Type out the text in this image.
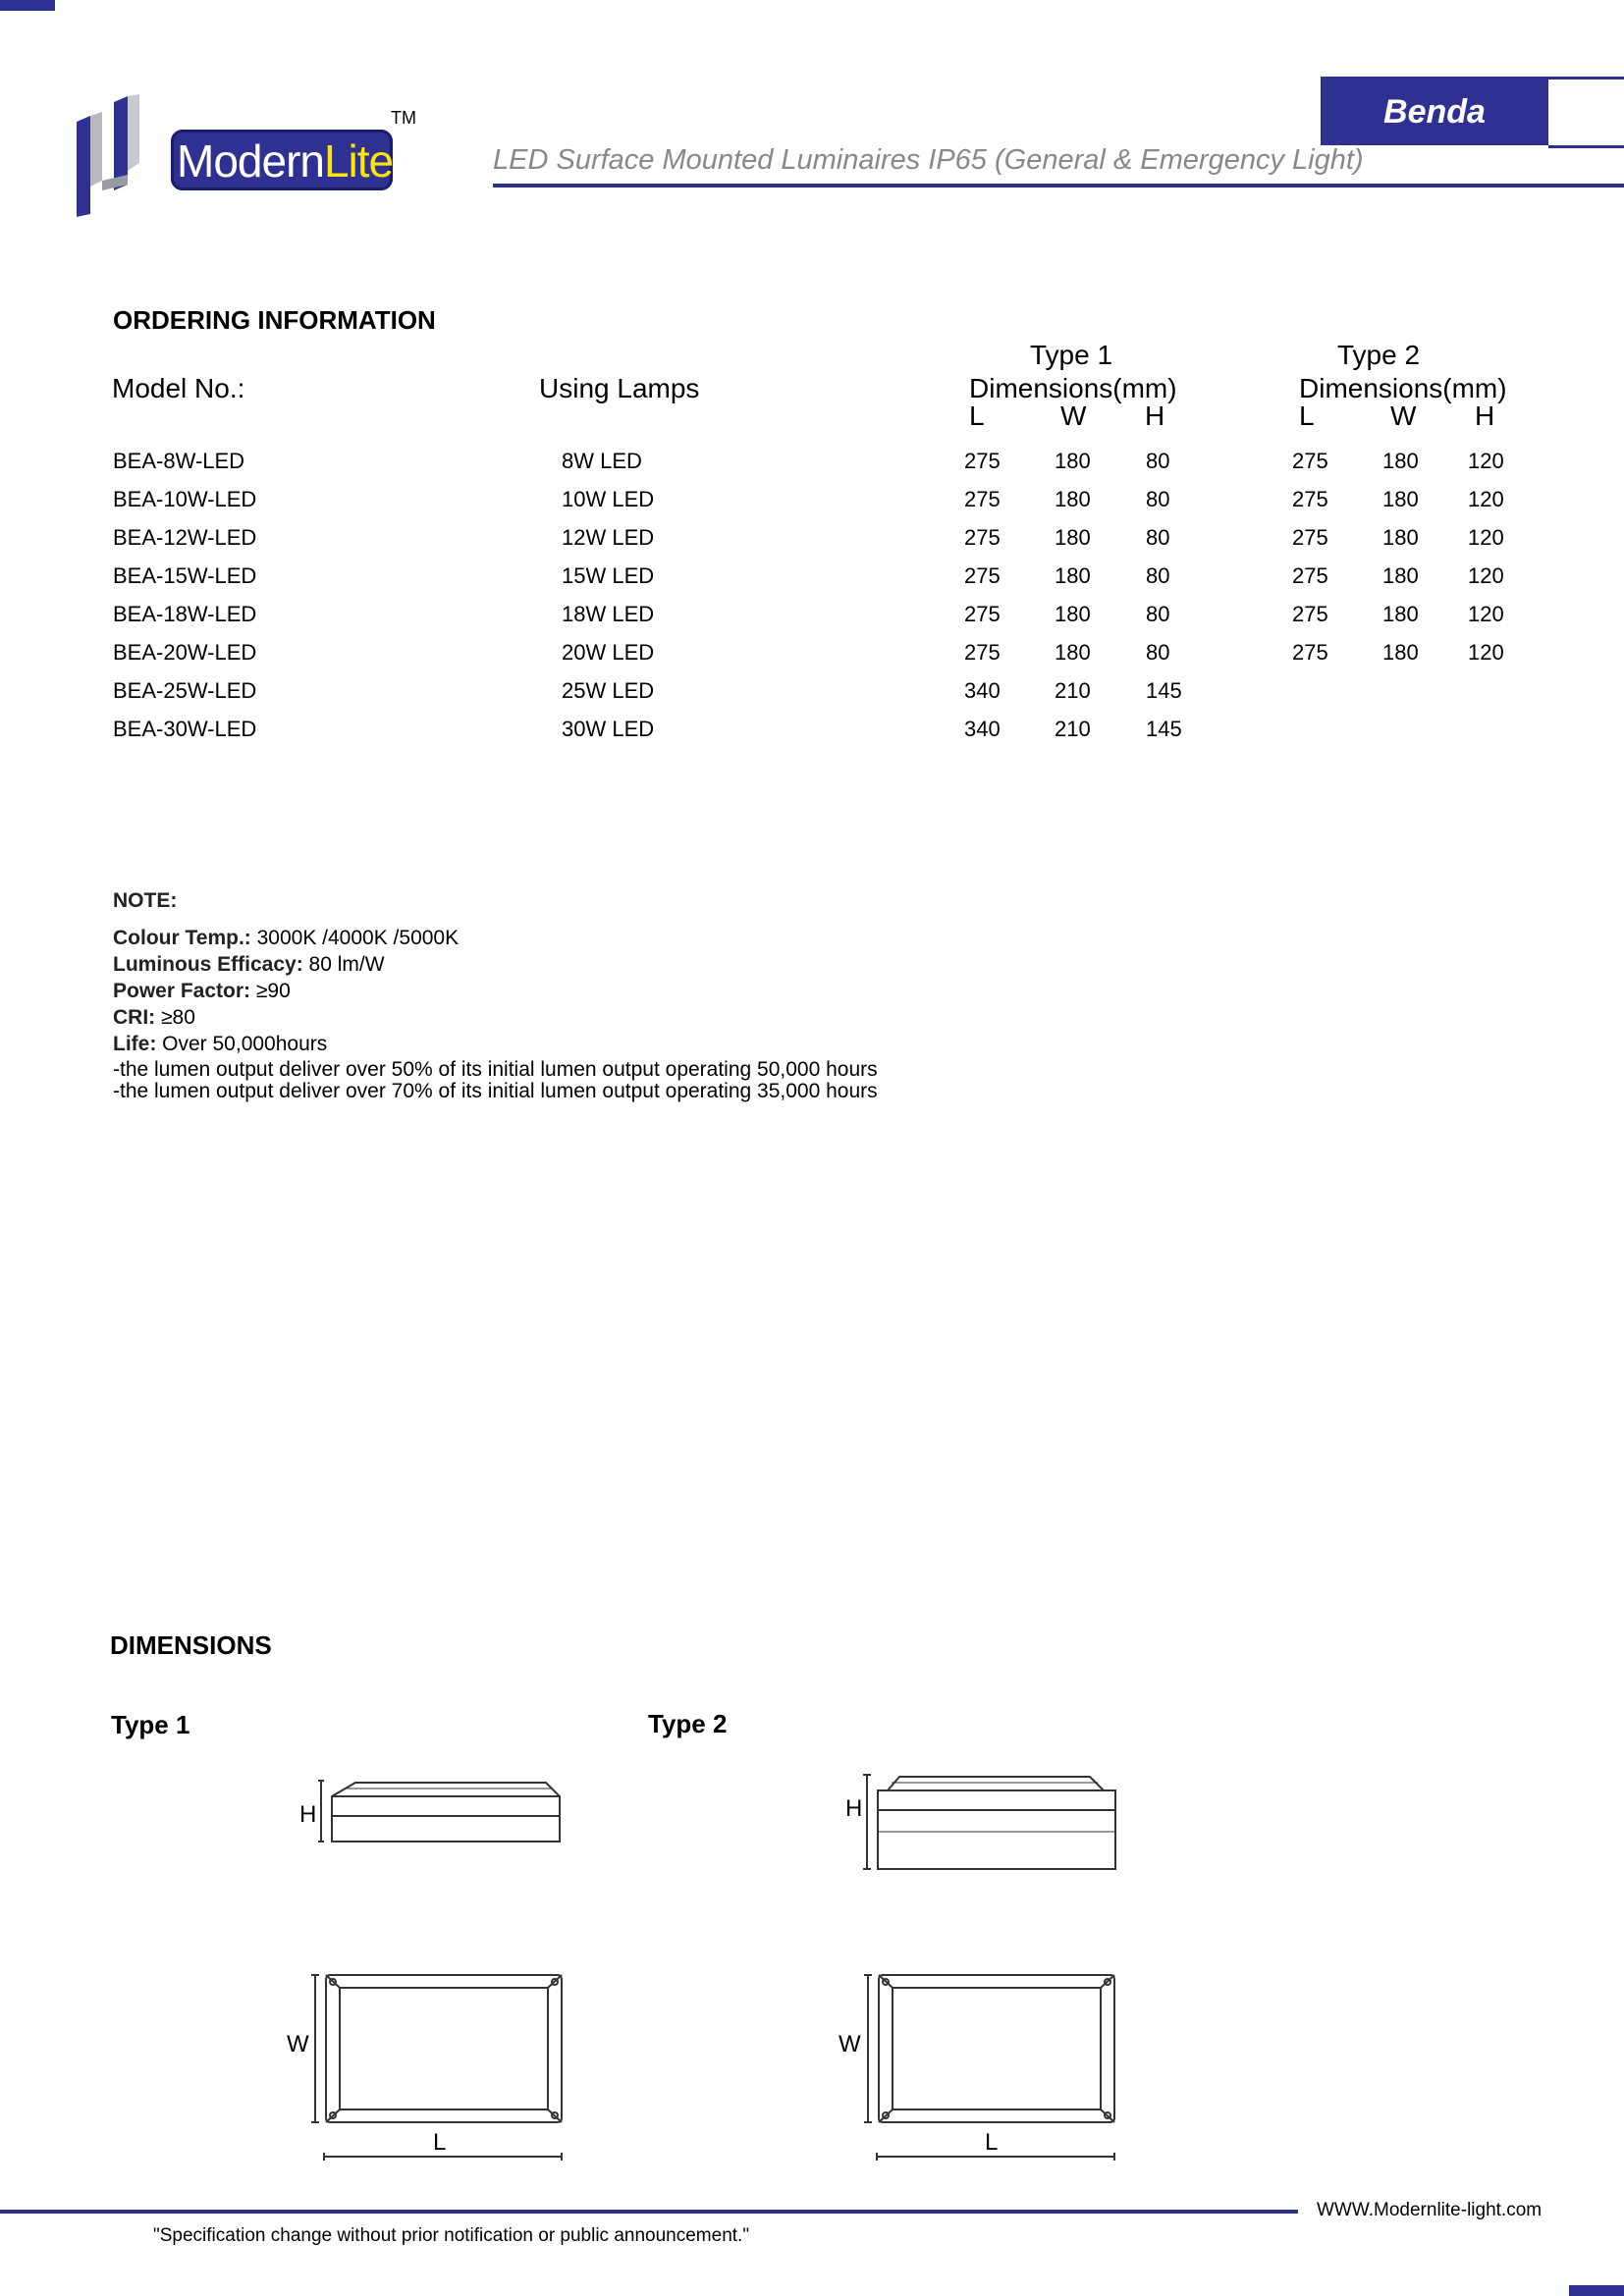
ModernLite
TM	Benda
LED Surface Mounted Luminaires IP65 (General & Emergency Light)
ORDERING INFORMATION
Model No.:	Using Lamps
Type 1
Dimensions(mm)
L	W H
Type 2
Dimensions(mm)
L	W H
BEA-8W-LED	8W LED	275	180	80	275	180 120
BEA-10W-LED	10W LED	275	180	80	275	180 120
BEA-12W-LED	12W LED	275	180	80	275	180 120
BEA-15W-LED	15W LED	275	180	80	275	180 120
BEA-18W-LED	18W LED	275	180	80	275	180 120
BEA-20W-LED	20W LED	275	180	80	275	180 120
BEA-25W-LED	25W LED	340	210	145
BEA-30W-LED	30W LED	340	210	145
NOTE:
Colour Temp.: 3000K /4000K /5000K
Luminous Efficacy: 80 lm/W
Power Factor: ≥90
CRI: ≥80
Life: Over 50,000hours
-the lumen output deliver over 50% of its initial lumen output operating 50,000 hours
-the lumen output deliver over 70% of its initial lumen output operating 35,000 hours
DIMENSIONS
Type 1	Type 2
H
W
L
H
W
L
WWW.Modernlite-light.com
"Specification change without prior notification or public announcement."
